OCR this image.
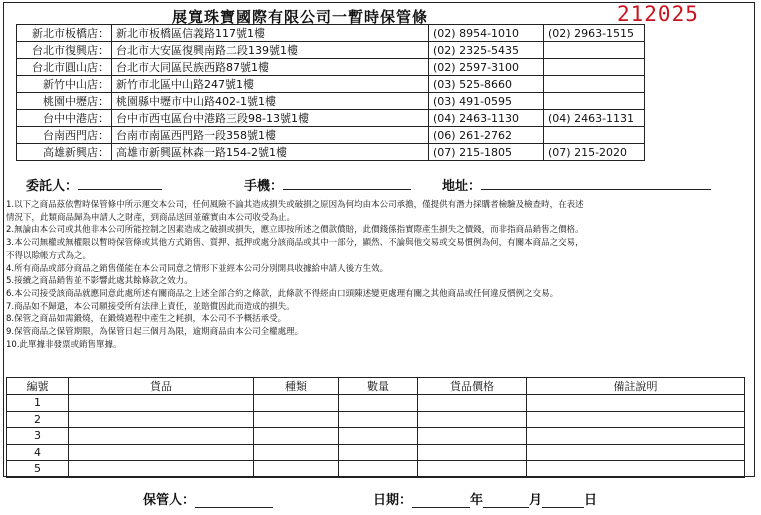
展寬珠寶國際有限公司一暫時保管條	212025
新北市板橋店：	新北市板橋區信義路117號1樓	(02) 8954-1010	(02) 2963-1515
台北市復興店：	台北市大安區復興南路二段139號1樓	(02) 2325-5435	
台北市圓山店：	台北市大同區民族西路87號1樓	(02) 2597-3100	
新竹中山店：	新竹市北區中山路247號1樓	(03) 525-8660	
桃園中壢店：	桃園縣中壢市中山路402-1號1樓	(03) 491-0595	
台中中港店：	台中市西屯區台中港路三段98-13號1樓	(04) 2463-1130	(04) 2463-1131
台南西門店：	台南市南區西門路一段358號1樓	(06) 261-2762	
高雄新興店：	高雄市新興區林森一路154-2號1樓	(07) 215-1805	(07) 215-2020
委託人：	手機：	地址：
1.以下之商品茲依暫時保管條中所示運交本公司，任何風險不論其造成損失或破損之原因為何均由本公司承擔，僅提供有潛力採購者檢驗及檢查時，在表述
情況下，此類商品歸為申請人之財產，到商品送回並確實由本公司收受為止。
2.無論由本公司或其他非本公司所能控制之因素造成之破損或損失，應立即按所述之價款償賠，此價錢係指實際產生損失之價錢，而非指商品銷售之價格。
3.本公司無權或無權限以暫時保管條或其他方式銷售、質押、抵押或處分該商品或其中一部分，顯然、不論與他交易或交易慣例為何，有關本商品之交易，
不得以賒帳方式為之。
4.所有商品或部分商品之銷售僅能在本公司同意之情形下並經本公司分別開具收據給申請人後方生效。
5.接續之商品銷售並不影響此處其餘條款之效力。
6.本公司接受該商品就應同意此處所述有關商品之上述全部合約之條款，此條款不得經由口頭陳述變更處理有關之其他商品或任何違反慣例之交易。
7.商品如不歸還，本公司願接受所有法律上責任，並賠償因此而造成的損失。
8.保管之商品如需鍛燒，在鍛燒過程中產生之耗損，本公司不予概括承受。
9.保管商品之保管期限，為保管日起三個月為限，逾期商品由本公司全權處理。
10.此單據非發票或銷售單據。
編號	貨品	種類	數量	貨品價格	備註說明
1					
2					
3					
4					
5					
保管人：	日期：	年	月	日
